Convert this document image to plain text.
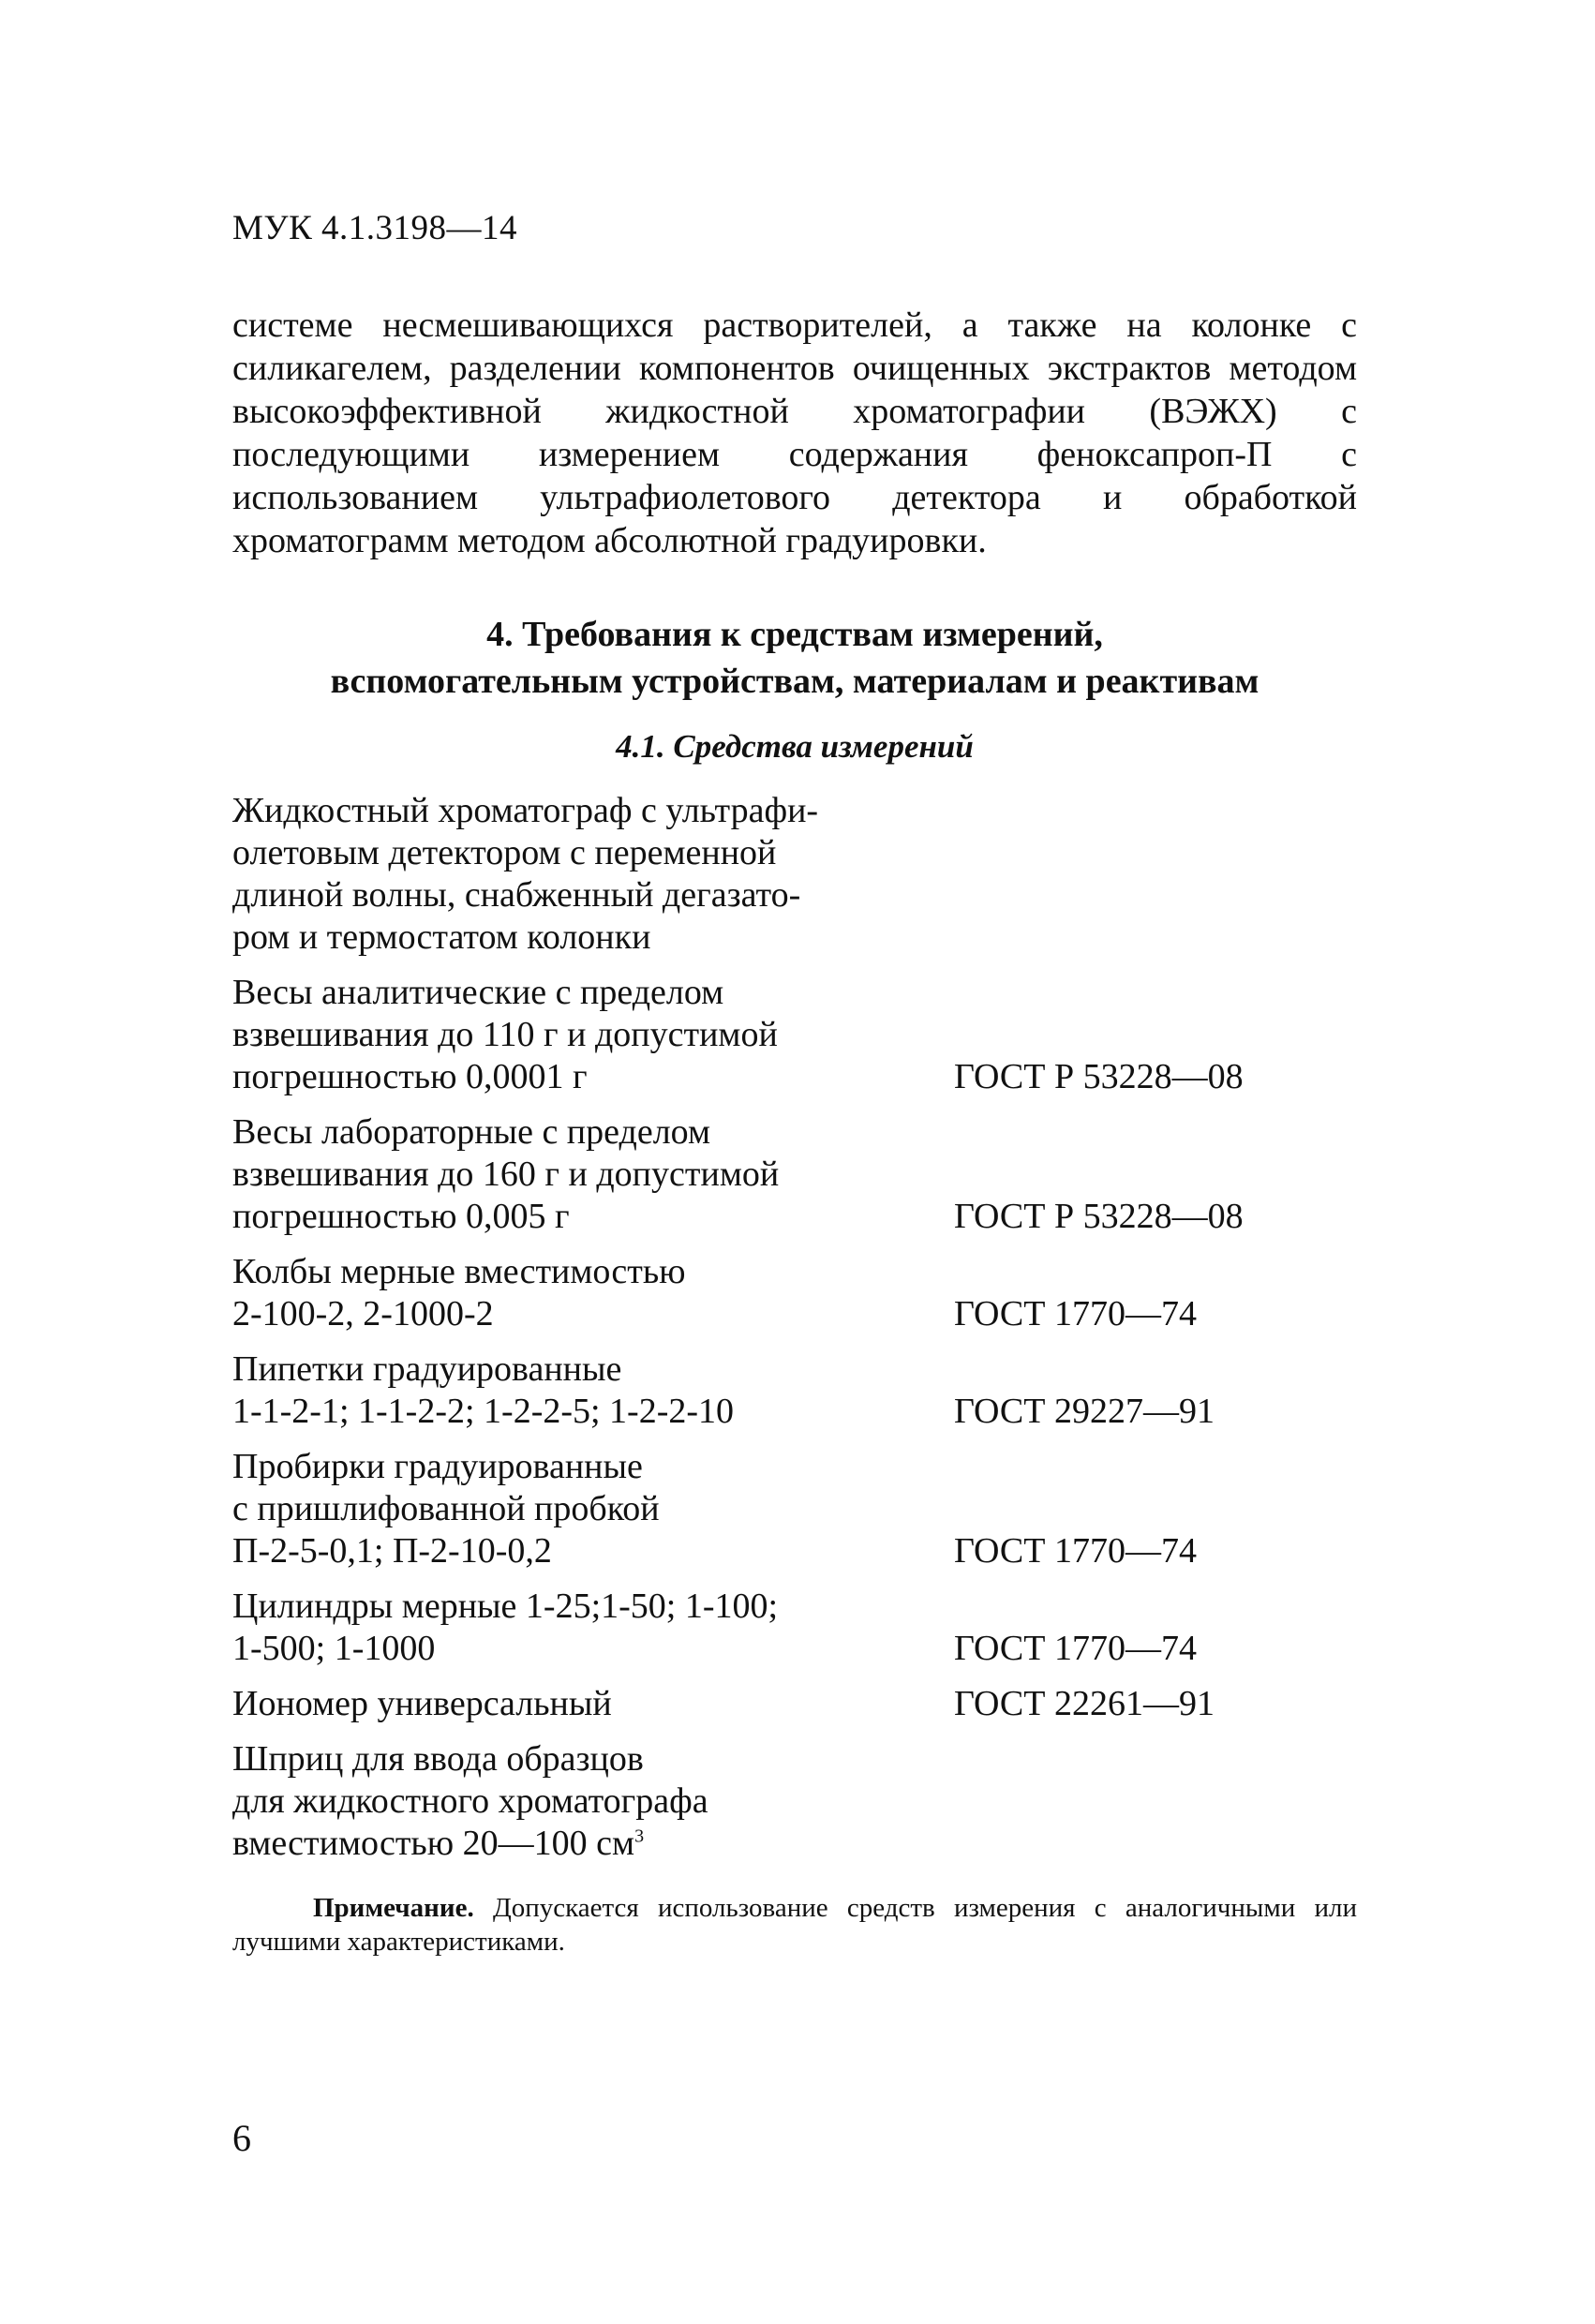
МУК 4.1.3198—14

системе несмешивающихся растворителей, а также на колонке с силикагелем, разделении компонентов очищенных экстрактов методом высокоэффективной жидкостной хроматографии (ВЭЖХ) с последующими измерением содержания феноксапроп-П с использованием ультрафиолетового детектора и обработкой хроматограмм методом абсолютной градуировки.

4. Требования к средствам измерений,
вспомогательным устройствам, материалам и реактивам
4.1. Средства измерений
Жидкостный хроматограф с ультрафи-
олетовым детектором с переменной
длиной волны, снабженный дегазато-
ром и термостатом колонки
Весы аналитические с пределом
взвешивания до 110 г и допустимой
погрешностью 0,0001 г	ГОСТ Р 53228—08
Весы лабораторные с пределом
взвешивания до 160 г и допустимой
погрешностью 0,005 г	ГОСТ Р 53228—08
Колбы мерные вместимостью
2-100-2, 2-1000-2	ГОСТ 1770—74
Пипетки градуированные
1-1-2-1; 1-1-2-2; 1-2-2-5; 1-2-2-10	ГОСТ 29227—91
Пробирки градуированные
с пришлифованной пробкой
П-2-5-0,1; П-2-10-0,2	ГОСТ 1770—74
Цилиндры мерные 1-25;1-50; 1-100;
1-500; 1-1000	ГОСТ 1770—74
Иономер универсальный	ГОСТ 22261—91
Шприц для ввода образцов
для жидкостного хроматографа
вместимостью 20—100 $см^3$
Примечание. Допускается использование средств измерения с аналогичными или лучшими характеристиками.
6
